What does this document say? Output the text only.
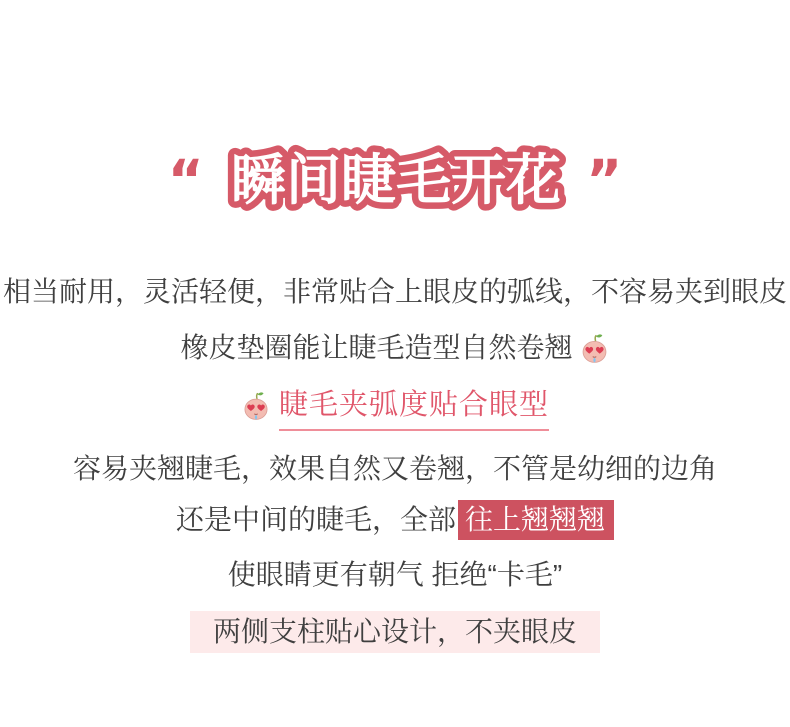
“ 瞬间睫毛开花 ”
相当耐用，灵活轻便，非常贴合上眼皮的弧线，不容易夹到眼皮
橡皮垫圈能让睫毛造型自然卷翘
睫毛夹弧度贴合眼型
容易夹翘睫毛，效果自然又卷翘，不管是幼细的边角
还是中间的睫毛，全部 往上翘翘翘
使眼睛更有朝气 拒绝“卡毛”
两侧支柱贴心设计，不夹眼皮
